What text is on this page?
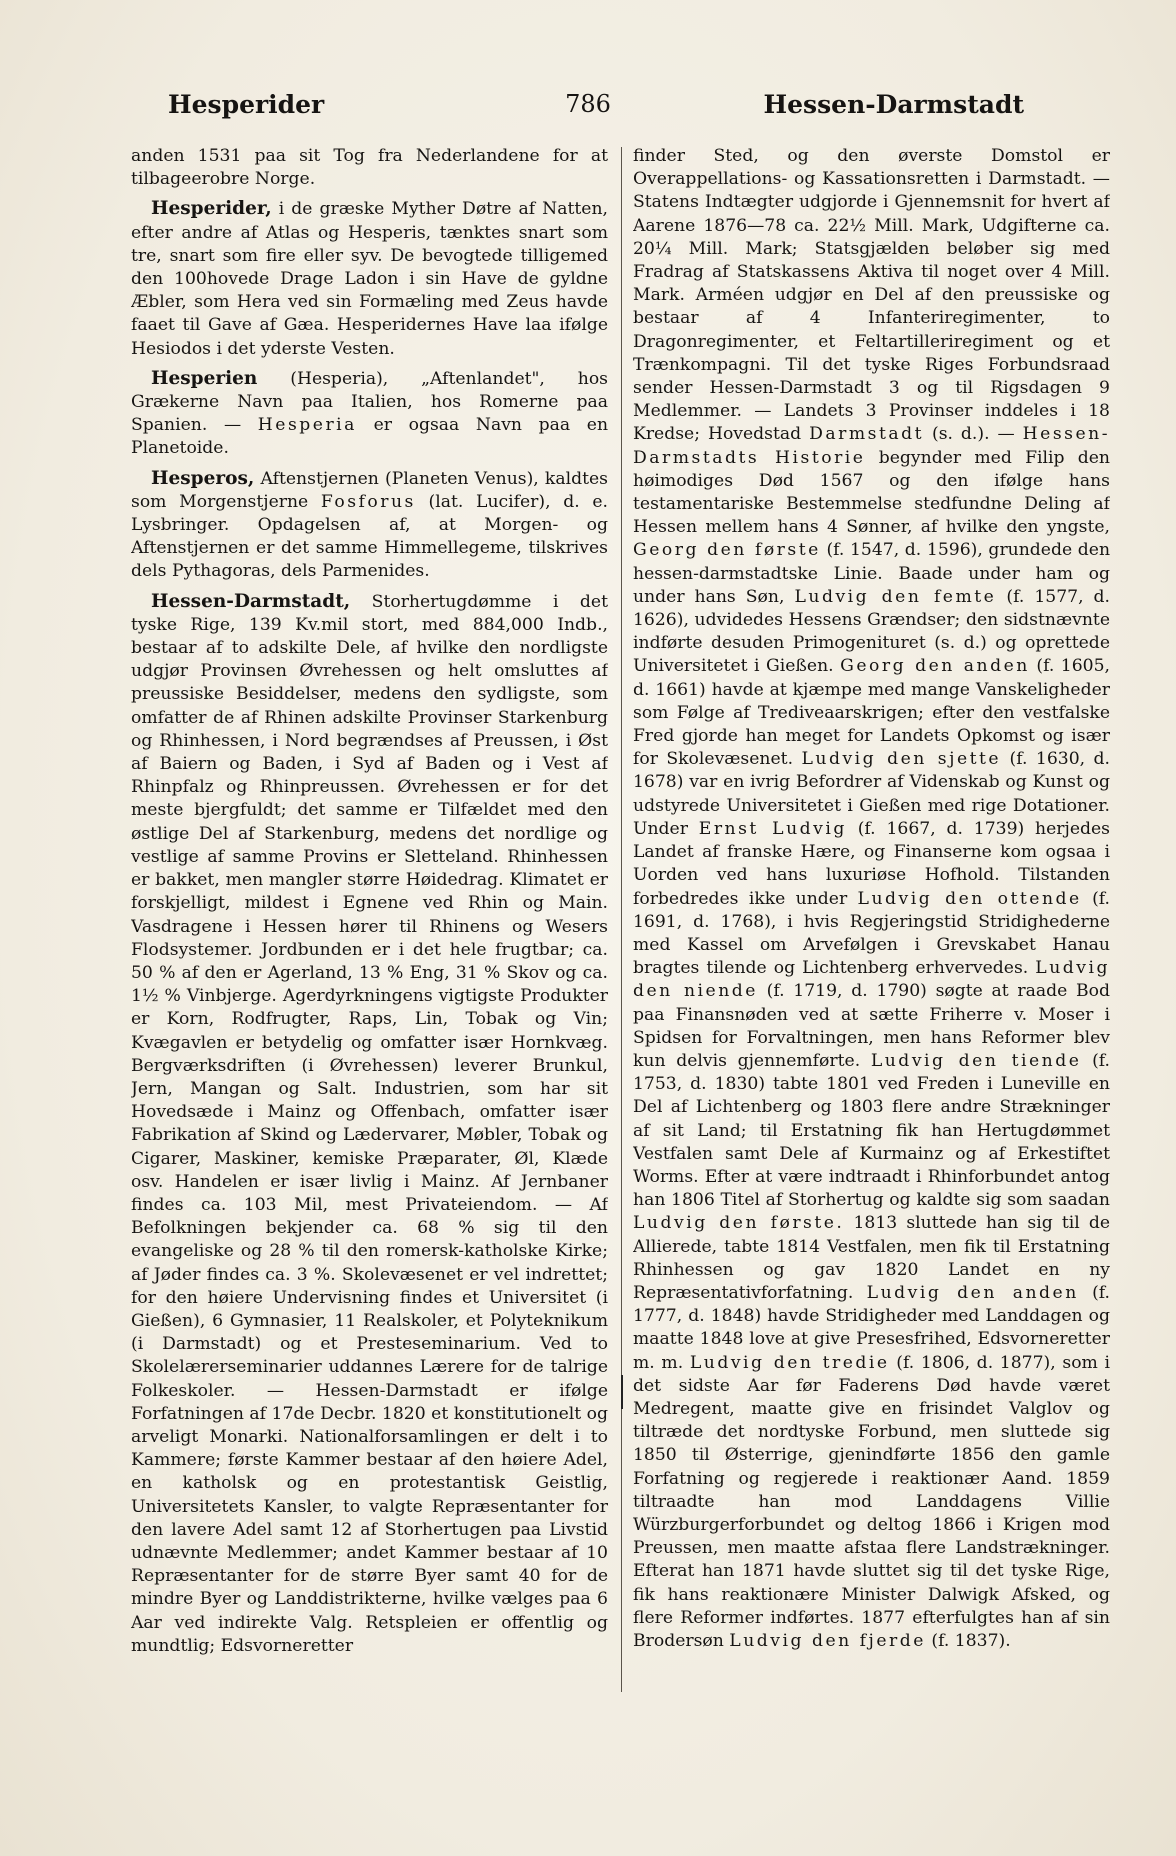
Hesperider	786	Hessen-Darmstadt

anden 1531 paa sit Tog fra Nederlandene for at tilbageerobre Norge.

Hesperider, i de græske Myther Døtre af Natten, efter andre af Atlas og Hesperis, tænktes snart som tre, snart som fire eller syv. De bevogtede tilligemed den 100hovede Drage Ladon i sin Have de gyldne Æbler, som Hera ved sin Formæling med Zeus havde faaet til Gave af Gæa. Hesperidernes Have laa ifølge Hesiodos i det yderste Vesten.

Hesperien (Hesperia), „Aftenlandet", hos Grækerne Navn paa Italien, hos Romerne paa Spanien. — Hesperia er ogsaa Navn paa en Planetoide.

Hesperos, Aftenstjernen (Planeten Venus), kaldtes som Morgenstjerne Fosforus (lat. Lucifer), d. e. Lysbringer. Opdagelsen af, at Morgen- og Aftenstjernen er det samme Himmellegeme, tilskrives dels Pythagoras, dels Parmenides.

Hessen-Darmstadt, Storhertugdømme i det tyske Rige, 139 Kv.mil stort, med 884,000 Indb., bestaar af to adskilte Dele, af hvilke den nordligste udgjør Provinsen Øvrehessen og helt omsluttes af preussiske Besiddelser, medens den sydligste, som omfatter de af Rhinen adskilte Provinser Starkenburg og Rhinhessen, i Nord begrændses af Preussen, i Øst af Baiern og Baden, i Syd af Baden og i Vest af Rhinpfalz og Rhinpreussen. Øvrehessen er for det meste bjergfuldt; det samme er Tilfældet med den østlige Del af Starkenburg, medens det nordlige og vestlige af samme Provins er Sletteland. Rhinhessen er bakket, men mangler større Høidedrag. Klimatet er forskjelligt, mildest i Egnene ved Rhin og Main. Vasdragene i Hessen hører til Rhinens og Wesers Flodsystemer. Jordbunden er i det hele frugtbar; ca. 50 % af den er Agerland, 13 % Eng, 31 % Skov og ca. 1½ % Vinbjerge. Agerdyrkningens vigtigste Produkter er Korn, Rodfrugter, Raps, Lin, Tobak og Vin; Kvægavlen er betydelig og omfatter især Hornkvæg. Bergværksdriften (i Øvrehessen) leverer Brunkul, Jern, Mangan og Salt. Industrien, som har sit Hovedsæde i Mainz og Offenbach, omfatter især Fabrikation af Skind og Lædervarer, Møbler, Tobak og Cigarer, Maskiner, kemiske Præparater, Øl, Klæde osv. Handelen er især livlig i Mainz. Af Jernbaner findes ca. 103 Mil, mest Privateiendom. — Af Befolkningen bekjender ca. 68 % sig til den evangeliske og 28 % til den romersk-katholske Kirke; af Jøder findes ca. 3 %. Skolevæsenet er vel indrettet; for den høiere Undervisning findes et Universitet (i Gießen), 6 Gymnasier, 11 Realskoler, et Polyteknikum (i Darmstadt) og et Presteseminarium. Ved to Skolelærerseminarier uddannes Lærere for de talrige Folkeskoler. — Hessen-Darmstadt er ifølge Forfatningen af 17de Decbr. 1820 et konstitutionelt og arveligt Monarki. Nationalforsamlingen er delt i to Kammere; første Kammer bestaar af den høiere Adel, en katholsk og en protestantisk Geistlig, Universitetets Kansler, to valgte Repræsentanter for den lavere Adel samt 12 af Storhertugen paa Livstid udnævnte Medlemmer; andet Kammer bestaar af 10 Repræsentanter for de større Byer samt 40 for de mindre Byer og Landdistrikterne, hvilke vælges paa 6 Aar ved indirekte Valg. Retspleien er offentlig og mundtlig; Edsvorneretter

finder Sted, og den øverste Domstol er Overappellations- og Kassationsretten i Darmstadt. — Statens Indtægter udgjorde i Gjennemsnit for hvert af Aarene 1876—78 ca. 22½ Mill. Mark, Udgifterne ca. 20¼ Mill. Mark; Statsgjælden beløber sig med Fradrag af Statskassens Aktiva til noget over 4 Mill. Mark. Arméen udgjør en Del af den preussiske og bestaar af 4 Infanteriregimenter, to Dragonregimenter, et Feltartilleriregiment og et Trænkompagni. Til det tyske Riges Forbundsraad sender Hessen-Darmstadt 3 og til Rigsdagen 9 Medlemmer. — Landets 3 Provinser inddeles i 18 Kredse; Hovedstad Darmstadt (s. d.). — Hessen-Darmstadts Historie begynder med Filip den høimodiges Død 1567 og den ifølge hans testamentariske Bestemmelse stedfundne Deling af Hessen mellem hans 4 Sønner, af hvilke den yngste, Georg den første (f. 1547, d. 1596), grundede den hessen-darmstadtske Linie. Baade under ham og under hans Søn, Ludvig den femte (f. 1577, d. 1626), udvidedes Hessens Grændser; den sidstnævnte indførte desuden Primogenituret (s. d.) og oprettede Universitetet i Gießen. Georg den anden (f. 1605, d. 1661) havde at kjæmpe med mange Vanskeligheder som Følge af Trediveaarskrigen; efter den vestfalske Fred gjorde han meget for Landets Opkomst og især for Skolevæsenet. Ludvig den sjette (f. 1630, d. 1678) var en ivrig Befordrer af Videnskab og Kunst og udstyrede Universitetet i Gießen med rige Dotationer. Under Ernst Ludvig (f. 1667, d. 1739) herjedes Landet af franske Hære, og Finanserne kom ogsaa i Uorden ved hans luxuriøse Hofhold. Tilstanden forbedredes ikke under Ludvig den ottende (f. 1691, d. 1768), i hvis Regjeringstid Stridighederne med Kassel om Arvefølgen i Grevskabet Hanau bragtes tilende og Lichtenberg erhvervedes. Ludvig den niende (f. 1719, d. 1790) søgte at raade Bod paa Finansnøden ved at sætte Friherre v. Moser i Spidsen for Forvaltningen, men hans Reformer blev kun delvis gjennemførte. Ludvig den tiende (f. 1753, d. 1830) tabte 1801 ved Freden i Luneville en Del af Lichtenberg og 1803 flere andre Strækninger af sit Land; til Erstatning fik han Hertugdømmet Vestfalen samt Dele af Kurmainz og af Erkestiftet Worms. Efter at være indtraadt i Rhinforbundet antog han 1806 Titel af Storhertug og kaldte sig som saadan Ludvig den første. 1813 sluttede han sig til de Allierede, tabte 1814 Vestfalen, men fik til Erstatning Rhinhessen og gav 1820 Landet en ny Repræsentativforfatning. Ludvig den anden (f. 1777, d. 1848) havde Stridigheder med Landdagen og maatte 1848 love at give Presesfrihed, Edsvorneretter m. m. Ludvig den tredie (f. 1806, d. 1877), som i det sidste Aar før Faderens Død havde været Medregent, maatte give en frisindet Valglov og tiltræde det nordtyske Forbund, men sluttede sig 1850 til Østerrige, gjenindførte 1856 den gamle Forfatning og regjerede i reaktionær Aand. 1859 tiltraadte han mod Landdagens Villie Würzburgerforbundet og deltog 1866 i Krigen mod Preussen, men maatte afstaa flere Landstrækninger. Efterat han 1871 havde sluttet sig til det tyske Rige, fik hans reaktionære Minister Dalwigk Afsked, og flere Reformer indførtes. 1877 efterfulgtes han af sin Brodersøn Ludvig den fjerde (f. 1837).
